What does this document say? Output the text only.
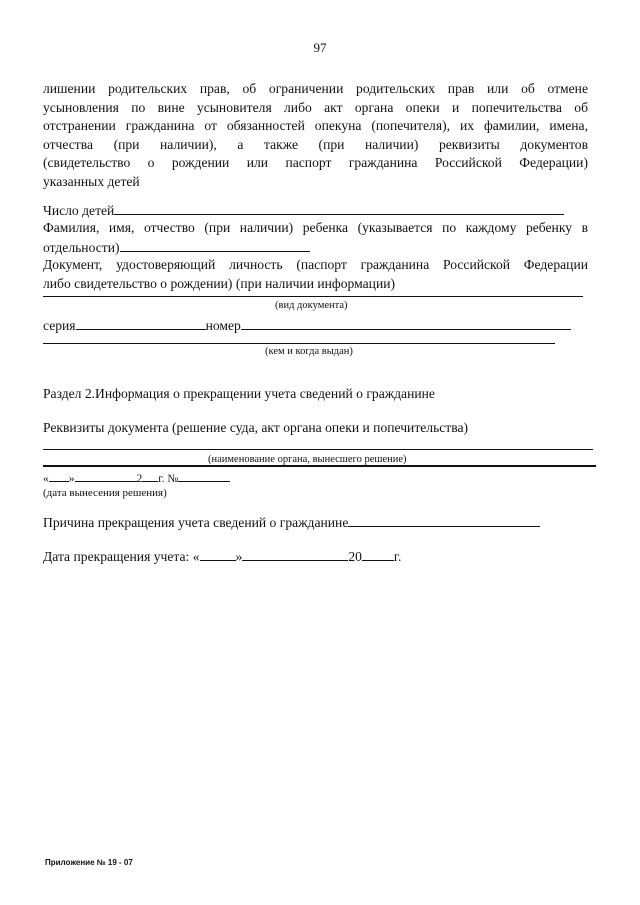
97
лишении родительских прав, об ограничении родительских прав или об отмене
усыновления по вине усыновителя либо акт органа опеки и попечительства об
отстранении гражданина от обязанностей опекуна (попечителя), их фамилии, имена,
отчества (при наличии), а также (при наличии) реквизиты документов
(свидетельство о рождении или паспорт гражданина Российской Федерации)
указанных детей
Число детей
Фамилия, имя, отчество (при наличии) ребенка (указывается по каждому ребенку в
отдельности)
Документ, удостоверяющий личность (паспорт гражданина Российской Федерации
либо свидетельство о рождении) (при наличии информации)
(вид документа)
серия	номер
(кем и когда выдан)
Раздел 2.Информация о прекращении учета сведений о гражданине
Реквизиты документа (решение суда, акт органа опеки и попечительства)
(наименование органа, вынесшего решение)
« »	2 г. №
(дата вынесения решения)
Причина прекращения учета сведений о гражданине
Дата прекращения учета: «	»	20 г.
Приложение № 19 - 07
